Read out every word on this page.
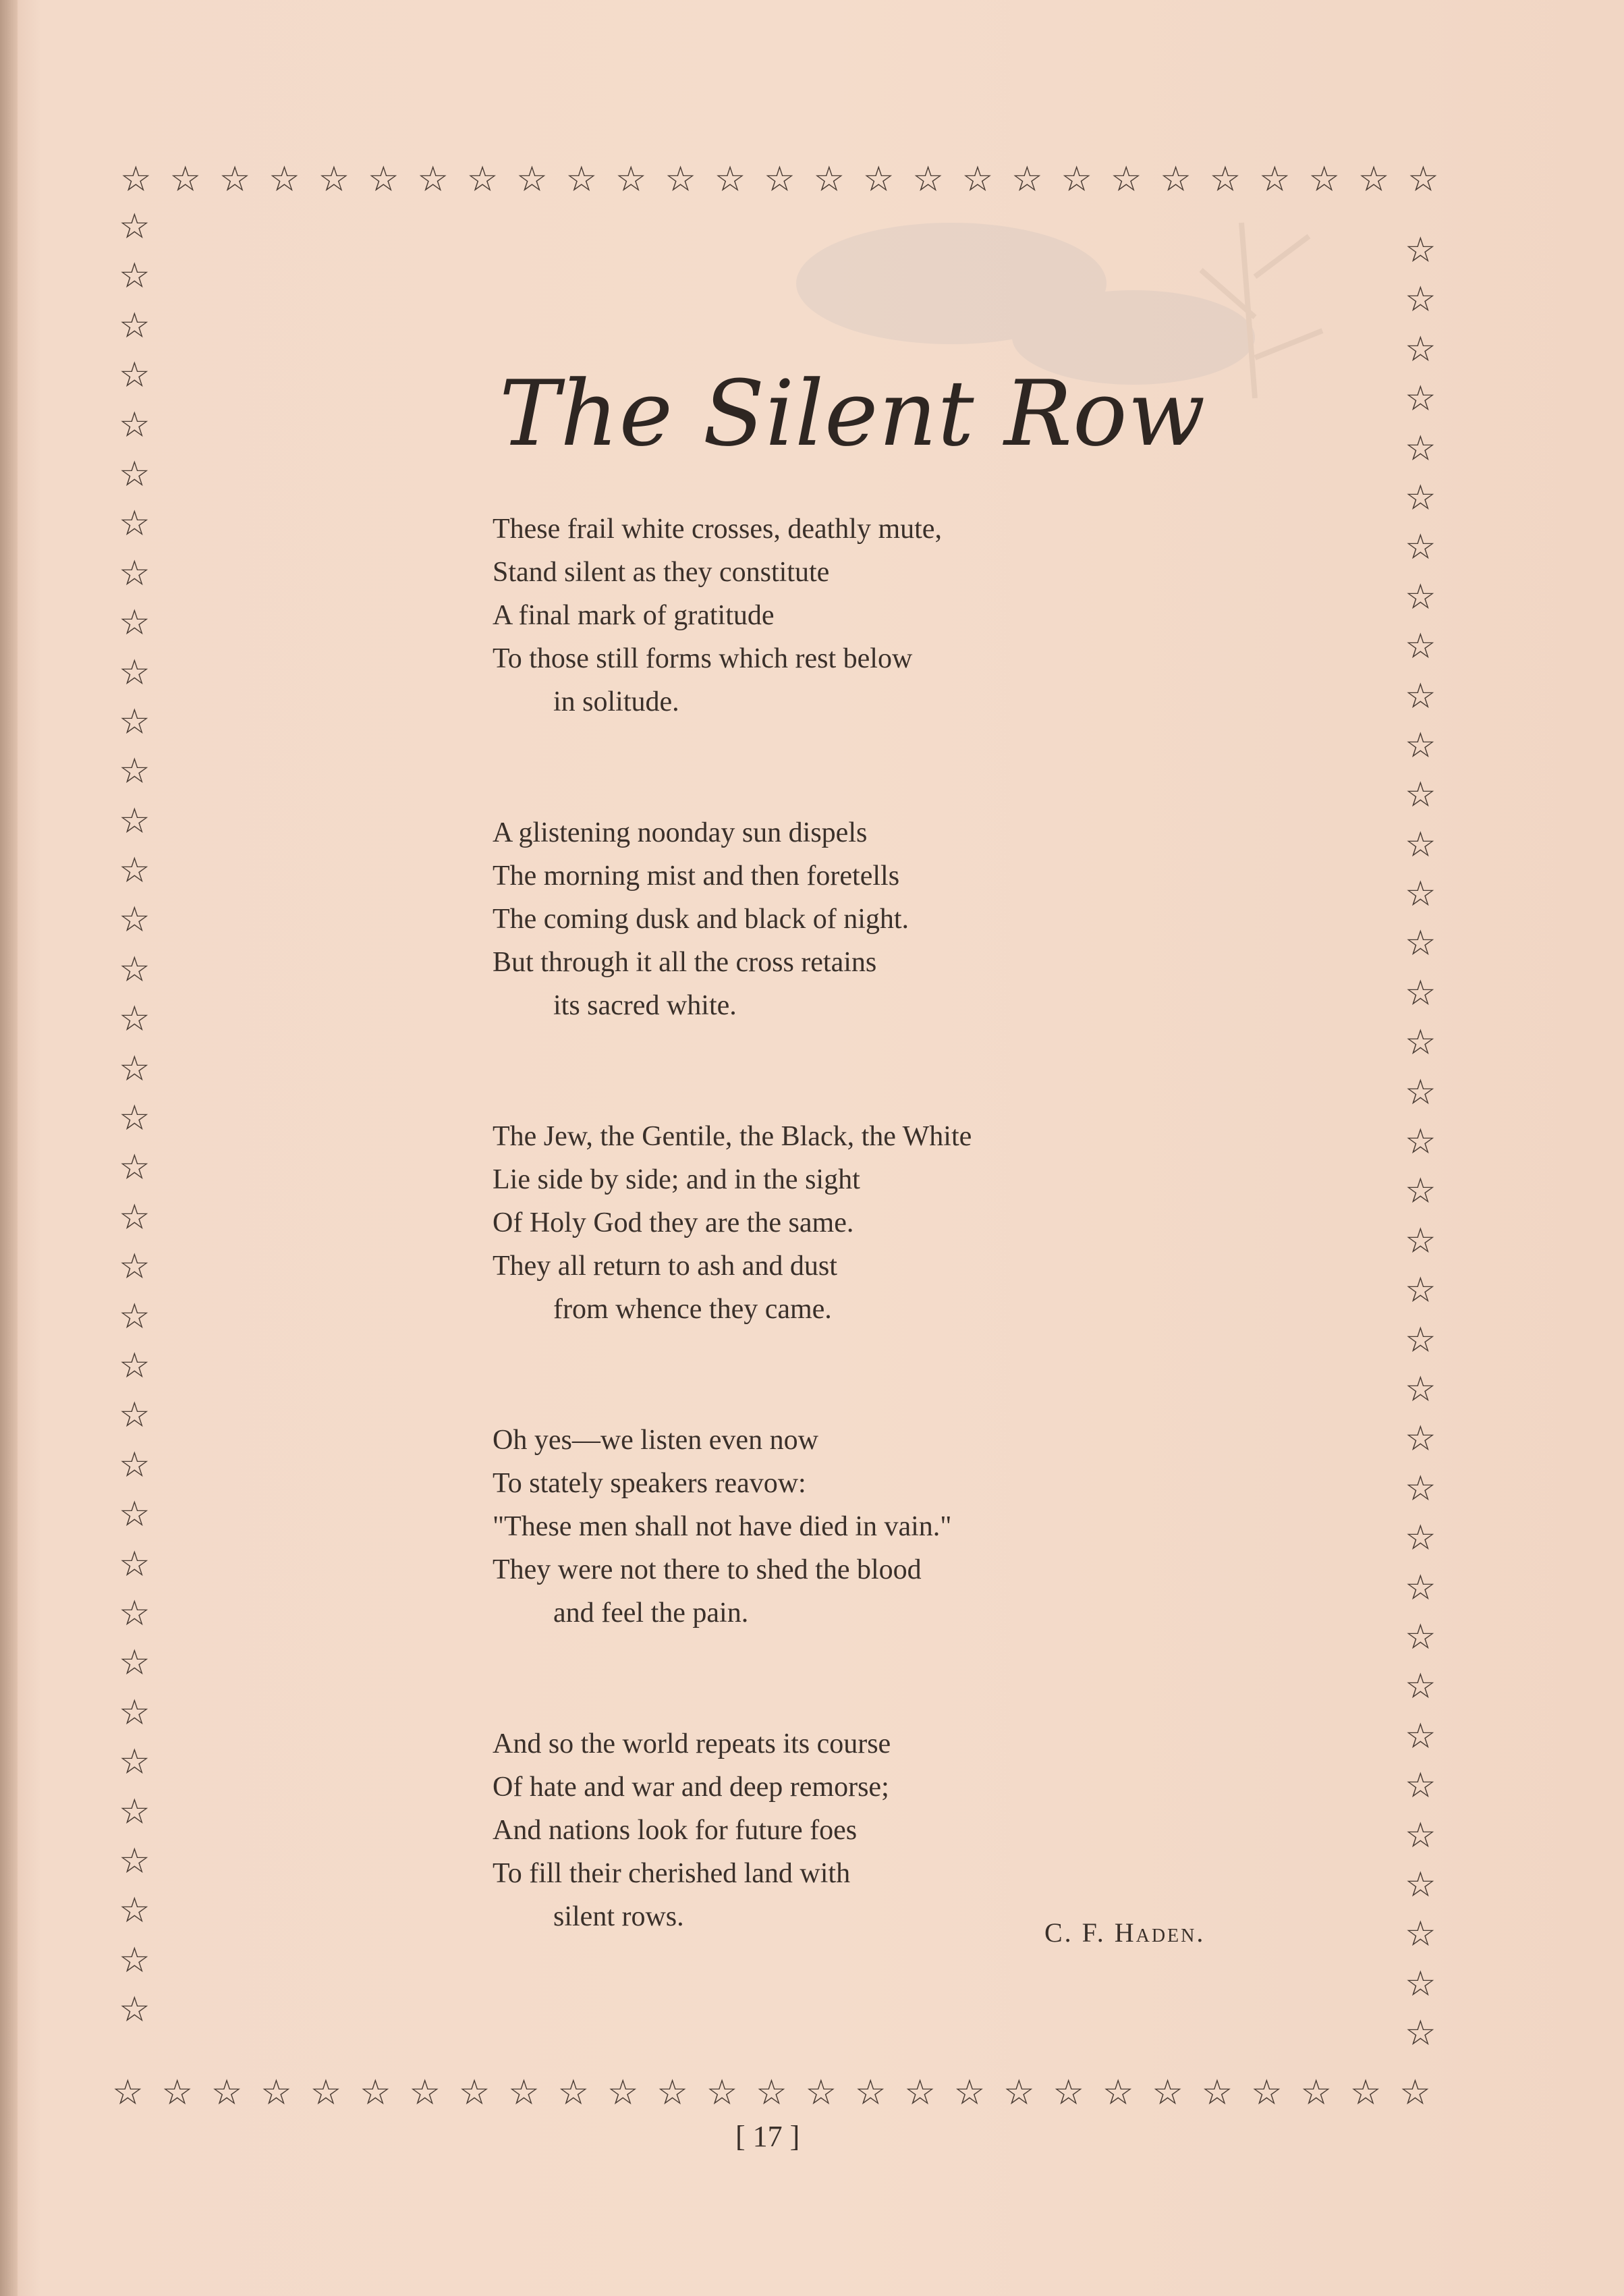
☆ ☆ ☆ ☆ ☆ ☆ ☆ ☆ ☆ ☆ ☆ ☆ ☆ ☆ ☆ ☆ ☆ ☆ ☆ ☆ ☆ ☆ ☆ ☆ ☆ ☆ ☆
☆ ☆ ☆ ☆ ☆ ☆ ☆ ☆ ☆ ☆ ☆ ☆ ☆ ☆ ☆ ☆ ☆ ☆ ☆ ☆ ☆ ☆ ☆ ☆ ☆ ☆ ☆
☆
☆
☆
☆
☆
☆
☆
☆
☆
☆
☆
☆
☆
☆
☆
☆
☆
☆
☆
☆
☆
☆
☆
☆
☆
☆
☆
☆
☆
☆
☆
☆
☆
☆
☆
☆
☆
☆
☆
☆
☆
☆
☆
☆
☆
☆
☆
☆
☆
☆
☆
☆
☆
☆
☆
☆
☆
☆
☆
☆
☆
☆
☆
☆
☆
☆
☆
☆
☆
☆
☆
☆
☆
☆
The Silent Row
These frail white crosses, deathly mute,
Stand silent as they constitute
A final mark of gratitude
To those still forms which rest below
in solitude.
A glistening noonday sun dispels
The morning mist and then foretells
The coming dusk and black of night.
But through it all the cross retains
its sacred white.
The Jew, the Gentile, the Black, the White
Lie side by side; and in the sight
Of Holy God they are the same.
They all return to ash and dust
from whence they came.
Oh yes—we listen even now
To stately speakers reavow:
"These men shall not have died in vain."
They were not there to shed the blood
and feel the pain.
And so the world repeats its course
Of hate and war and deep remorse;
And nations look for future foes
To fill their cherished land with
silent rows.
C. F. Haden.
[ 17 ]
